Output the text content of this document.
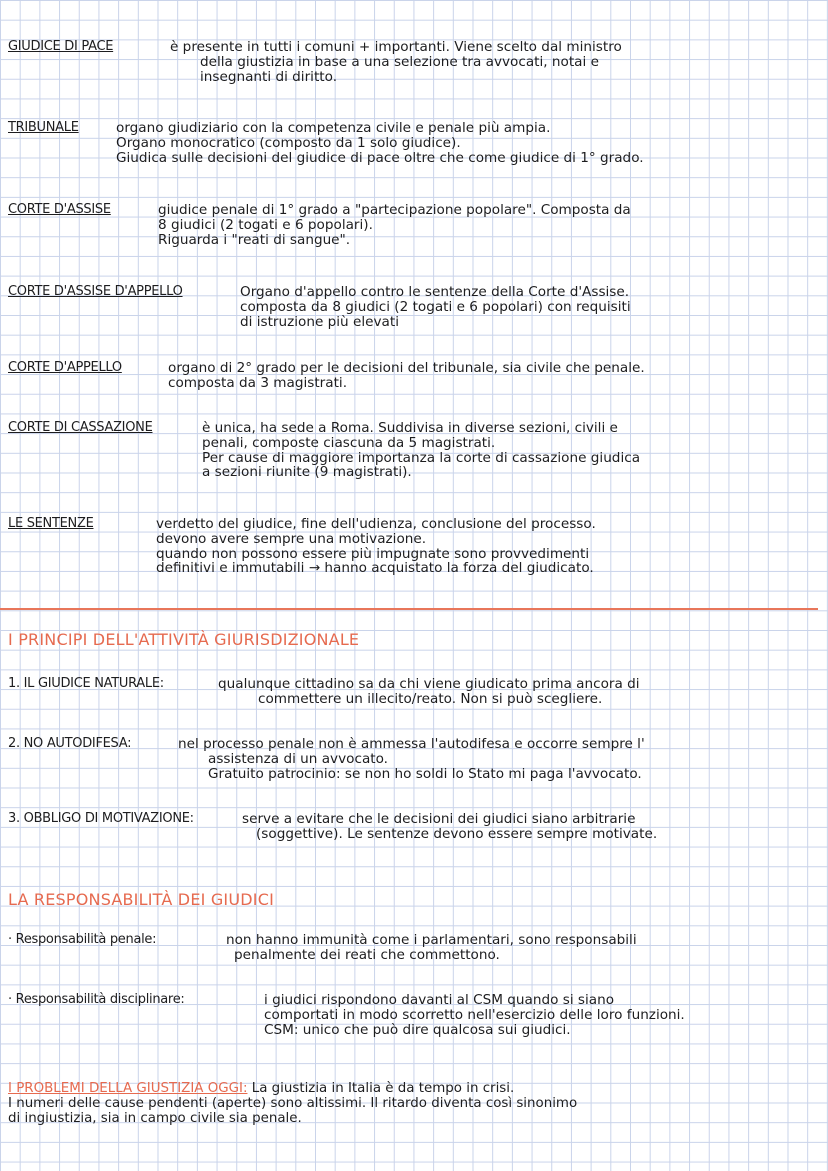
GIUDICE DI PACE	è presente in tutti i comuni + importanti. Viene scelto dal ministro

della giustizia in base a una selezione tra avvocati, notai e

insegnanti di diritto.

TRIBUNALE	organo giudiziario con la competenza civile e penale più ampia.

Organo monocratico (composto da 1 solo giudice).

Giudica sulle decisioni del giudice di pace oltre che come giudice di 1° grado.

CORTE D'ASSISE	giudice penale di 1° grado a "partecipazione popolare". Composta da

8 giudici (2 togati e 6 popolari).

Riguarda i "reati di sangue".

CORTE D'ASSISE D'APPELLO	Organo d'appello contro le sentenze della Corte d'Assise.

composta da 8 giudici (2 togati e 6 popolari) con requisiti

di istruzione più elevati

CORTE D'APPELLO	organo di 2° grado per le decisioni del tribunale, sia civile che penale.

composta da 3 magistrati.

CORTE DI CASSAZIONE	è unica, ha sede a Roma. Suddivisa in diverse sezioni, civili e

penali, composte ciascuna da 5 magistrati.

Per cause di maggiore importanza la corte di cassazione giudica

a sezioni riunite (9 magistrati).

LE SENTENZE	verdetto del giudice, fine dell'udienza, conclusione del processo.

devono avere sempre una motivazione.

quando non possono essere più impugnate sono provvedimenti

definitivi e immutabili → hanno acquistato la forza del giudicato.

I PRINCIPI DELL'ATTIVITÀ GIURISDIZIONALE
1. IL GIUDICE NATURALE:	qualunque cittadino sa da chi viene giudicato prima ancora di

commettere un illecito/reato. Non si può scegliere.

2. NO AUTODIFESA:	nel processo penale non è ammessa l'autodifesa e occorre sempre l'

assistenza di un avvocato.

Gratuito patrocinio: se non ho soldi lo Stato mi paga l'avvocato.

3. OBBLIGO DI MOTIVAZIONE:	serve a evitare che le decisioni dei giudici siano arbitrarie

(soggettive). Le sentenze devono essere sempre motivate.

LA RESPONSABILITÀ DEI GIUDICI
· Responsabilità penale:	non hanno immunità come i parlamentari, sono responsabili

penalmente dei reati che commettono.

· Responsabilità disciplinare:	i giudici rispondono davanti al CSM quando si siano

comportati in modo scorretto nell'esercizio delle loro funzioni.

CSM: unico che può dire qualcosa sui giudici.

I PROBLEMI DELLA GIUSTIZIA OGGI: La giustizia in Italia è da tempo in crisi.

I numeri delle cause pendenti (aperte) sono altissimi. Il ritardo diventa così sinonimo

di ingiustizia, sia in campo civile sia penale.
